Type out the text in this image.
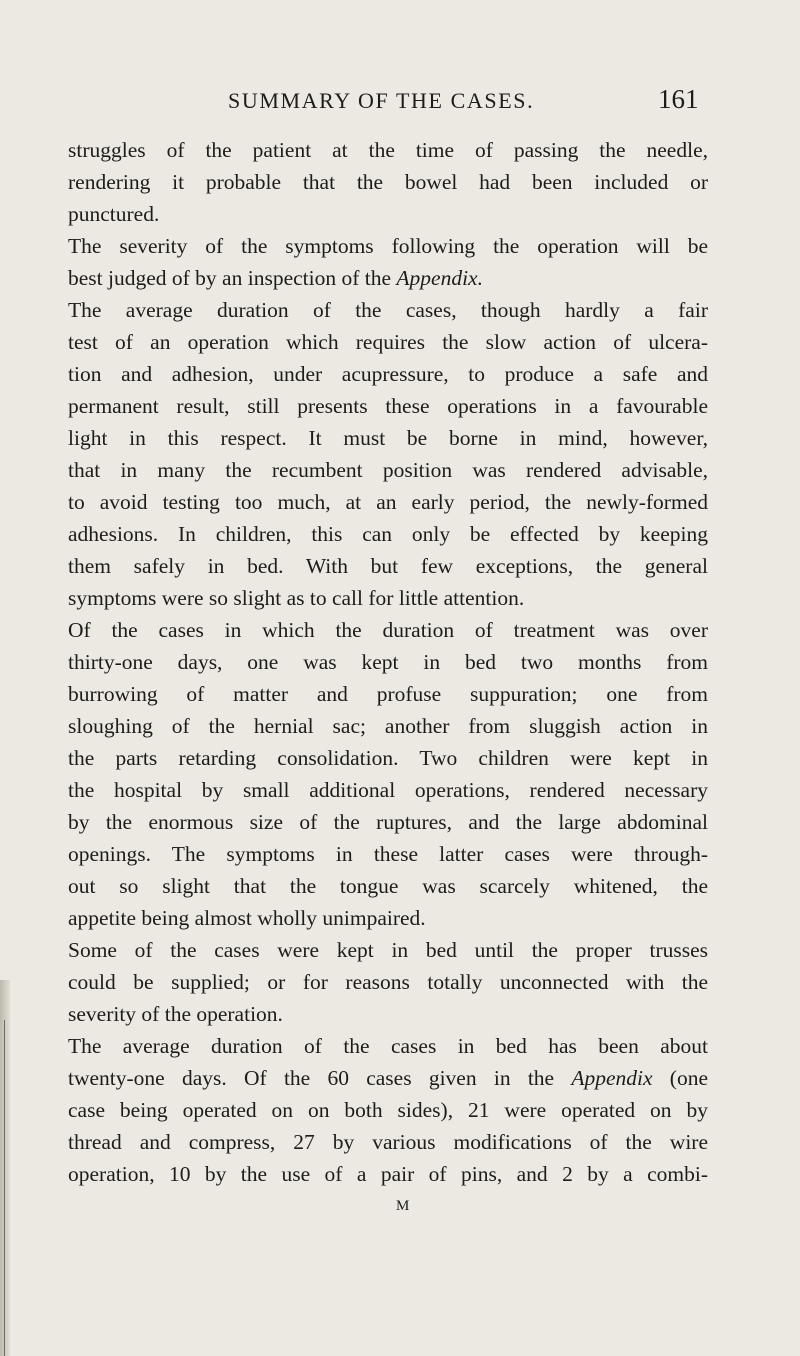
SUMMARY OF THE CASES.	161
struggles of the patient at the time of passing the needle,
rendering it probable that the bowel had been included or
punctured.
The severity of the symptoms following the operation will be
best judged of by an inspection of the Appendix.
The average duration of the cases, though hardly a fair
test of an operation which requires the slow action of ulcera-
tion and adhesion, under acupressure, to produce a safe and
permanent result, still presents these operations in a favourable
light in this respect. It must be borne in mind, however,
that in many the recumbent position was rendered advisable,
to avoid testing too much, at an early period, the newly-formed
adhesions. In children, this can only be effected by keeping
them safely in bed. With but few exceptions, the general
symptoms were so slight as to call for little attention.
Of the cases in which the duration of treatment was over
thirty-one days, one was kept in bed two months from
burrowing of matter and profuse suppuration; one from
sloughing of the hernial sac; another from sluggish action in
the parts retarding consolidation. Two children were kept in
the hospital by small additional operations, rendered necessary
by the enormous size of the ruptures, and the large abdominal
openings. The symptoms in these latter cases were through-
out so slight that the tongue was scarcely whitened, the
appetite being almost wholly unimpaired.
Some of the cases were kept in bed until the proper trusses
could be supplied; or for reasons totally unconnected with the
severity of the operation.
The average duration of the cases in bed has been about
twenty-one days. Of the 60 cases given in the Appendix (one
case being operated on on both sides), 21 were operated on by
thread and compress, 27 by various modifications of the wire
operation, 10 by the use of a pair of pins, and 2 by a combi-
M
